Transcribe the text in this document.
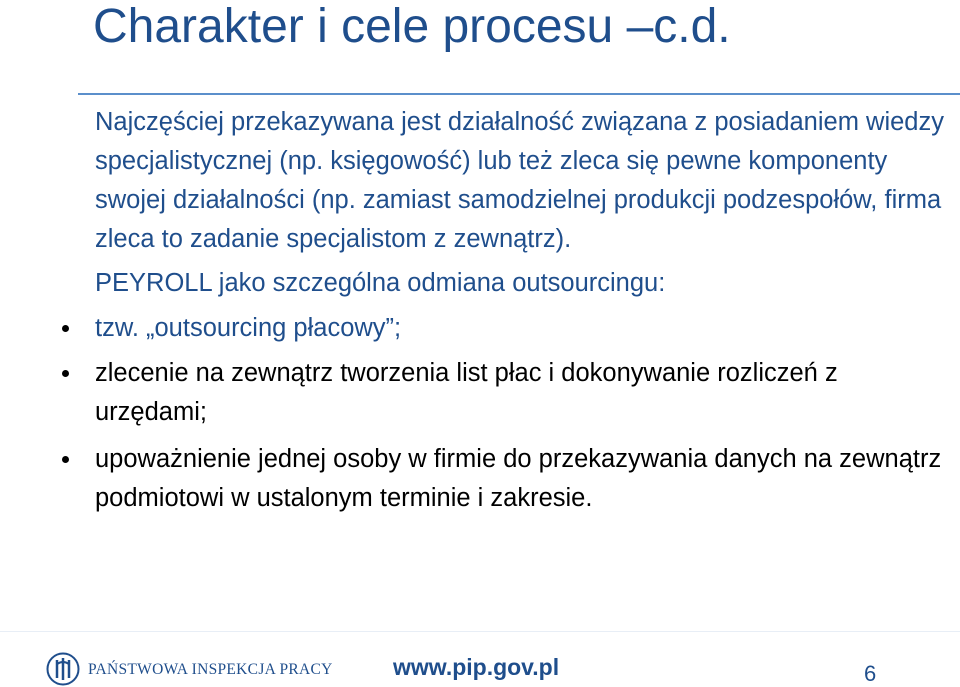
Charakter i cele procesu –c.d.

Najczęściej przekazywana jest działalność związana z posiadaniem wiedzy specjalistycznej (np. księgowość) lub też zleca się pewne komponenty swojej działalności (np. zamiast samodzielnej produkcji podzespołów, firma zleca to zadanie specjalistom z zewnątrz).

PEYROLL jako szczególna odmiana outsourcingu:

tzw. „outsourcing płacowy”;
zlecenie na zewnątrz tworzenia list płac i dokonywanie rozliczeń z urzędami;
upoważnienie jednej osoby w firmie do przekazywania danych na zewnątrz podmiotowi w ustalonym terminie i zakresie.
PAŃSTWOWA INSPEKCJA PRACY	www.pip.gov.pl	6
